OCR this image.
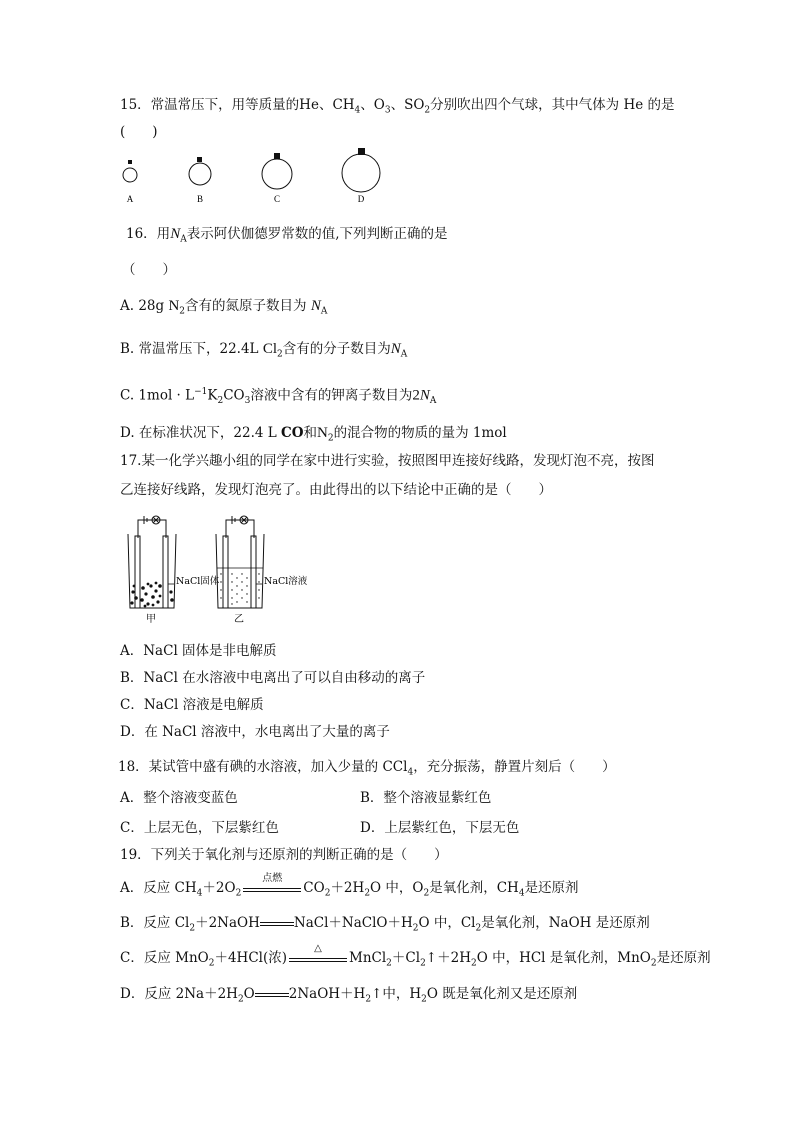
15．常温常压下，用等质量的He、$CH_4$、$O_3$、$SO_2$分别吹出四个气球，其中气体为 He 的是
(　　)
A	B	C	D
16．用$N_A$表示阿伏伽德罗常数的值,下列判断正确的是
（　　）
A. 28g $N_2$含有的氮原子数目为 $N_A$
B. 常温常压下，22.4L $Cl_2$含有的分子数目为$N_A$
C. $1mol \cdot L^{-1}K_2CO_3$溶液中含有的钾离子数目为$2N_A$
D. 在标准状况下，22.4 L CO和$N_2$的混合物的物质的量为 1mol
17.某一化学兴趣小组的同学在家中进行实验，按照图甲连接好线路，发现灯泡不亮，按图
乙连接好线路，发现灯泡亮了。由此得出的以下结论中正确的是（　　）
NaCl固体
甲
NaCl溶液
乙
A．NaCl 固体是非电解质
B．NaCl 在水溶液中电离出了可以自由移动的离子
C．NaCl 溶液是电解质
D．在 NaCl 溶液中，水电离出了大量的离子
18．某试管中盛有碘的水溶液，加入少量的 CCl$_4$，充分振荡，静置片刻后（　　）
A．整个溶液变蓝色	B．整个溶液显紫红色
C．上层无色，下层紫红色	D．上层紫红色，下层无色
19．下列关于氧化剂与还原剂的判断正确的是（　　）
A．反应 $CH_4+2O_2$
点燃
$CO_2+2H_2O$ 中，$O_2$是氧化剂，$CH_4$是还原剂
B．反应 $Cl_2+2NaOH$	$NaCl+NaClO+H_2O$ 中，$Cl_2$是氧化剂，NaOH 是还原剂
C．反应 MnO$_2$＋4HCl(浓)
△
$MnCl_2+Cl_2↑+2H_2O$ 中，HCl 是氧化剂，MnO$_2$是还原剂
D．反应 $2Na+2H_2O$	$2NaOH+H_2↑$中，$H_2O$ 既是氧化剂又是还原剂
